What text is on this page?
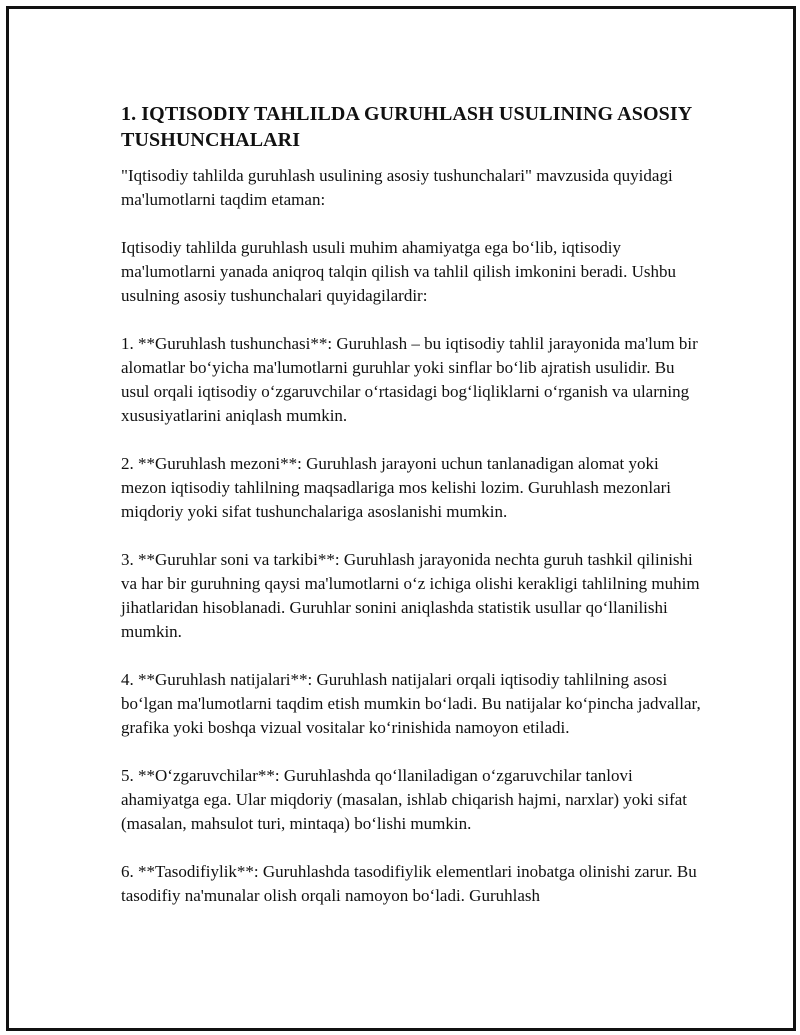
1. IQTISODIY TAHLILDA GURUHLASH USULINING ASOSIY TUSHUNCHALARI

"Iqtisodiy tahlilda guruhlash usulining asosiy tushunchalari" mavzusida quyidagi ma'lumotlarni taqdim etaman:

Iqtisodiy tahlilda guruhlash usuli muhim ahamiyatga ega bo‘lib, iqtisodiy ma'lumotlarni yanada aniqroq talqin qilish va tahlil qilish imkonini beradi. Ushbu usulning asosiy tushunchalari quyidagilardir:

1. **Guruhlash tushunchasi**: Guruhlash – bu iqtisodiy tahlil jarayonida ma'lum bir alomatlar bo‘yicha ma'lumotlarni guruhlar yoki sinflar bo‘lib ajratish usulidir. Bu usul orqali iqtisodiy o‘zgaruvchilar o‘rtasidagi bog‘liqliklarni o‘rganish va ularning xususiyatlarini aniqlash mumkin.

2. **Guruhlash mezoni**: Guruhlash jarayoni uchun tanlanadigan alomat yoki mezon iqtisodiy tahlilning maqsadlariga mos kelishi lozim. Guruhlash mezonlari miqdoriy yoki sifat tushunchalariga asoslanishi mumkin.

3. **Guruhlar soni va tarkibi**: Guruhlash jarayonida nechta guruh tashkil qilinishi va har bir guruhning qaysi ma'lumotlarni o‘z ichiga olishi kerakligi tahlilning muhim jihatlaridan hisoblanadi. Guruhlar sonini aniqlashda statistik usullar qo‘llanilishi mumkin.

4. **Guruhlash natijalari**: Guruhlash natijalari orqali iqtisodiy tahlilning asosi bo‘lgan ma'lumotlarni taqdim etish mumkin bo‘ladi. Bu natijalar ko‘pincha jadvallar, grafika yoki boshqa vizual vositalar ko‘rinishida namoyon etiladi.

5. **O‘zgaruvchilar**: Guruhlashda qo‘llaniladigan o‘zgaruvchilar tanlovi ahamiyatga ega. Ular miqdoriy (masalan, ishlab chiqarish hajmi, narxlar) yoki sifat (masalan, mahsulot turi, mintaqa) bo‘lishi mumkin.

6. **Tasodifiylik**: Guruhlashda tasodifiylik elementlari inobatga olinishi zarur. Bu tasodifiy na'munalar olish orqali namoyon bo‘ladi. Guruhlash
